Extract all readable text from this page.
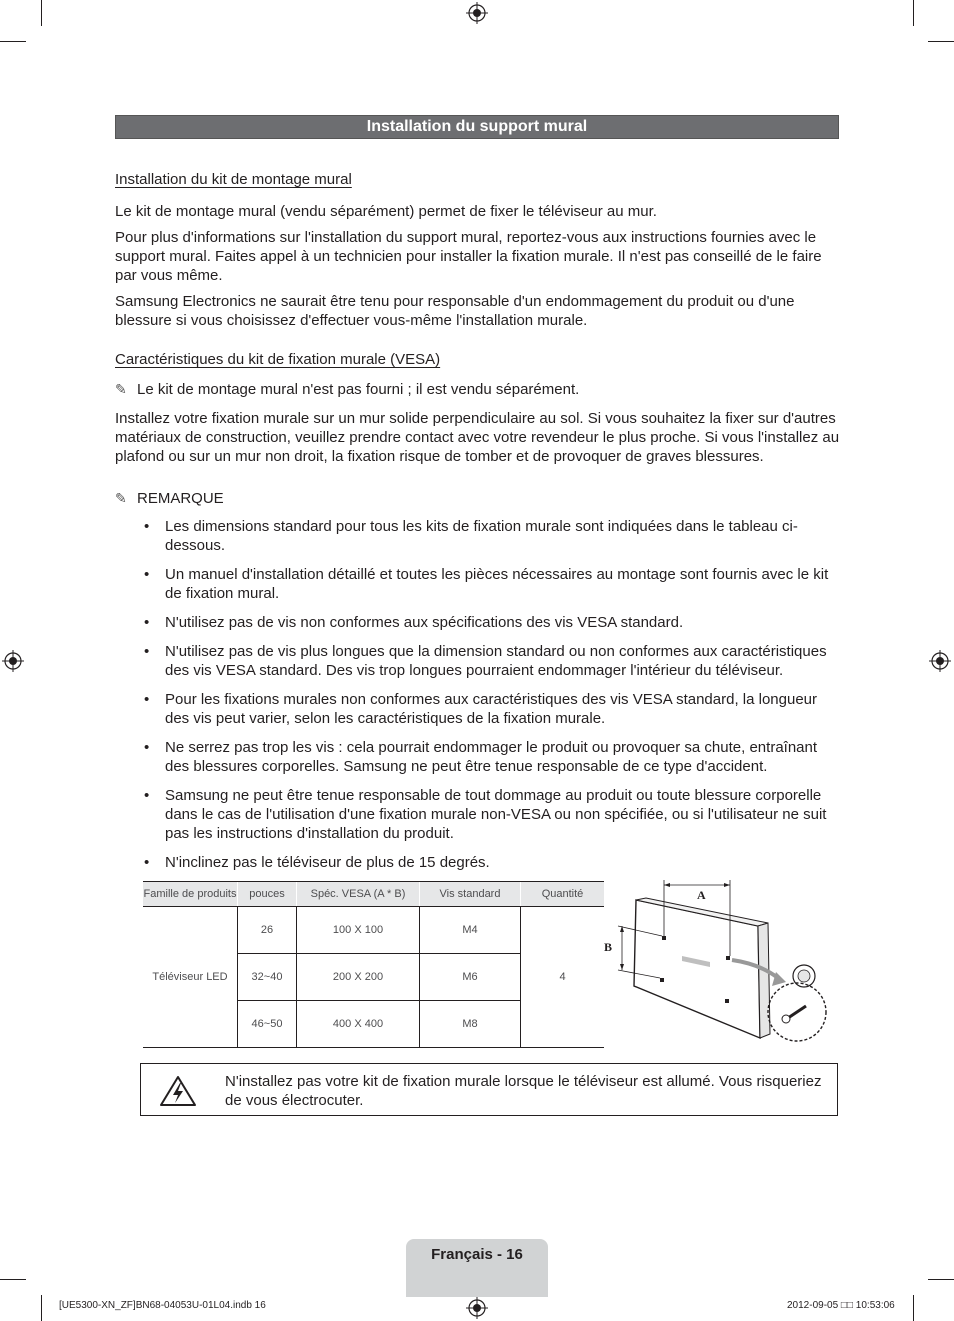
Installation du support mural
Installation du kit de montage mural
Le kit de montage mural (vendu séparément) permet de fixer le téléviseur au mur.
Pour plus d'informations sur l'installation du support mural, reportez-vous aux instructions fournies avec le support mural. Faites appel à un technicien pour installer la fixation murale. Il n'est pas conseillé de le faire par vous même.
Samsung Electronics ne saurait être tenu pour responsable d'un endommagement du produit ou d'une blessure si vous choisissez d'effectuer vous-même l'installation murale.
Caractéristiques du kit de fixation murale (VESA)
✎ Le kit de montage mural n'est pas fourni ; il est vendu séparément.
Installez votre fixation murale sur un mur solide perpendiculaire au sol. Si vous souhaitez la fixer sur d'autres matériaux de construction, veuillez prendre contact avec votre revendeur le plus proche. Si vous l'installez au plafond ou sur un mur non droit, la fixation risque de tomber et de provoquer de graves blessures.
✎ REMARQUE
• Les dimensions standard pour tous les kits de fixation murale sont indiquées dans le tableau ci-dessous.
• Un manuel d'installation détaillé et toutes les pièces nécessaires au montage sont fournis avec le kit de fixation mural.
• N'utilisez pas de vis non conformes aux spécifications des vis VESA standard.
• N'utilisez pas de vis plus longues que la dimension standard ou non conformes aux caractéristiques des vis VESA standard. Des vis trop longues pourraient endommager l'intérieur du téléviseur.
• Pour les fixations murales non conformes aux caractéristiques des vis VESA standard, la longueur des vis peut varier, selon les caractéristiques de la fixation murale.
• Ne serrez pas trop les vis : cela pourrait endommager le produit ou provoquer sa chute, entraînant des blessures corporelles. Samsung ne peut être tenue responsable de ce type d'accident.
• Samsung ne peut être tenue responsable de tout dommage au produit ou toute blessure corporelle dans le cas de l'utilisation d'une fixation murale non-VESA ou non spécifiée, ou si l'utilisateur ne suit pas les instructions d'installation du produit.
• N'inclinez pas le téléviseur de plus de 15 degrés.
Famille de produits	pouces	Spéc. VESA (A * B)	Vis standard	Quantité
Téléviseur LED	26	100 X 100	M4	4
	32~40	200 X 200	M6	
	46~50	400 X 400	M8	
A
B
N'installez pas votre kit de fixation murale lorsque le téléviseur est allumé. Vous risqueriez de vous électrocuter.
Français - 16
[UE5300-XN_ZF]BN68-04053U-01L04.indb 16	2012-09-05 □□ 10:53:06
